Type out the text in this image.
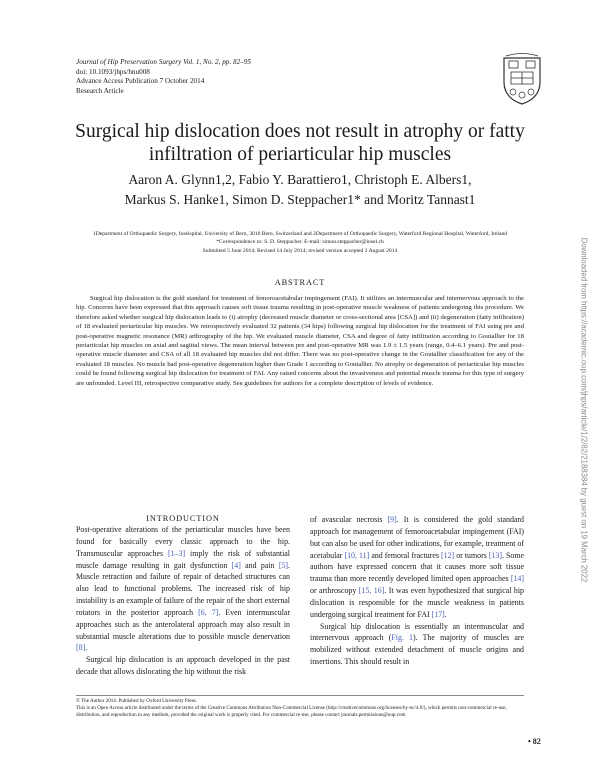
Journal of Hip Preservation Surgery Vol. 1, No. 2, pp. 82–95
doi: 10.1093/jhps/hnu008
Advance Access Publication 7 October 2014
Research Article
Surgical hip dislocation does not result in atrophy or fatty infiltration of periarticular hip muscles
Aaron A. Glynn1,2, Fabio Y. Barattiero1, Christoph E. Albers1,
Markus S. Hanke1, Simon D. Steppacher1* and Moritz Tannast1
1Department of Orthopaedic Surgery, Inselspital, University of Bern, 3010 Bern, Switzerland and 2Department of Orthopaedic Surgery, Waterford Regional Hospital, Waterford, Ireland
*Correspondence to: S. D. Steppacher. E-mail: simon.steppacher@insel.ch
Submitted 5 June 2014; Revised 14 July 2014; revised version accepted 2 August 2014
ABSTRACT
Surgical hip dislocation is the gold standard for treatment of femoroacetabular impingement (FAI). It utilizes an intermuscular and internervous approach to the hip. Concerns have been expressed that this approach causes soft tissue trauma resulting in post-operative muscle weakness of patients undergoing this procedure. We therefore asked whether surgical hip dislocation leads to (i) atrophy (decreased muscle diameter or cross-sectional area [CSA]) and (ii) degeneration (fatty infiltration) of 18 evaluated periarticular hip muscles. We retrospectively evaluated 32 patients (34 hips) following surgical hip dislocation for the treatment of FAI using pre and post-operative magnetic resonance (MR) arthrography of the hip. We evaluated muscle diameter, CSA and degree of fatty infiltration according to Goutallier for 18 periarticular hip muscles on axial and sagittal views. The mean interval between pre and post-operative MR was 1.9 ± 1.5 years (range, 0.4–6.1 years). Pre and post-operative muscle diameter and CSA of all 18 evaluated hip muscles did not differ. There was no post-operative change in the Goutallier classification for any of the evaluated 18 muscles. No muscle had post-operative degeneration higher than Grade 1 according to Goutallier. No atrophy or degeneration of periarticular hip muscles could be found following surgical hip dislocation for treatment of FAI. Any raised concerns about the invasiveness and potential muscle trauma for this type of surgery are unfounded. Level III, retrospective comparative study. See guidelines for authors for a complete description of levels of evidence.
INTRODUCTION

Post-operative alterations of the periarticular muscles have been found for basically every classic approach to the hip. Transmuscular approaches [1–3] imply the risk of substantial muscle damage resulting in gait dysfunction [4] and pain [5]. Muscle retraction and failure of repair of detached structures can also lead to functional problems. The increased risk of hip instability is an example of failure of the repair of the short external rotators in the posterior approach [6, 7]. Even intermuscular approaches such as the anterolateral approach may also result in substantial muscle alterations due to possible muscle denervation [8].

Surgical hip dislocation is an approach developed in the past decade that allows dislocating the hip without the risk

of avascular necrosis [9]. It is considered the gold standard approach for management of femoroacetabular impingement (FAI) but can also be used for other indications, for example, treatment of acetabular [10, 11] and femoral fractures [12] or tumors [13]. Some authors have expressed concern that it causes more soft tissue trauma than more recently developed limited open approaches [14] or arthroscopy [15, 16]. It was even hypothesized that surgical hip dislocation is responsible for the muscle weakness in patients undergoing surgical treatment for FAI [17].

Surgical hip dislocation is essentially an intermuscular and internervous approach (Fig. 1). The majority of muscles are mobilized without extended detachment of muscle origins and insertions. This should result in

© The Author 2014. Published by Oxford University Press.
This is an Open Access article distributed under the terms of the Creative Commons Attribution Non-Commercial License (http://creativecommons.org/licenses/by-nc/4.0/), which permits non-commercial re-use, distribution, and reproduction in any medium, provided the original work is properly cited. For commercial re-use, please contact journals.permissions@oup.com
• 82
Downloaded from https://academic.oup.com/jhps/article/1/2/82/2188384 by guest on 19 March 2022
